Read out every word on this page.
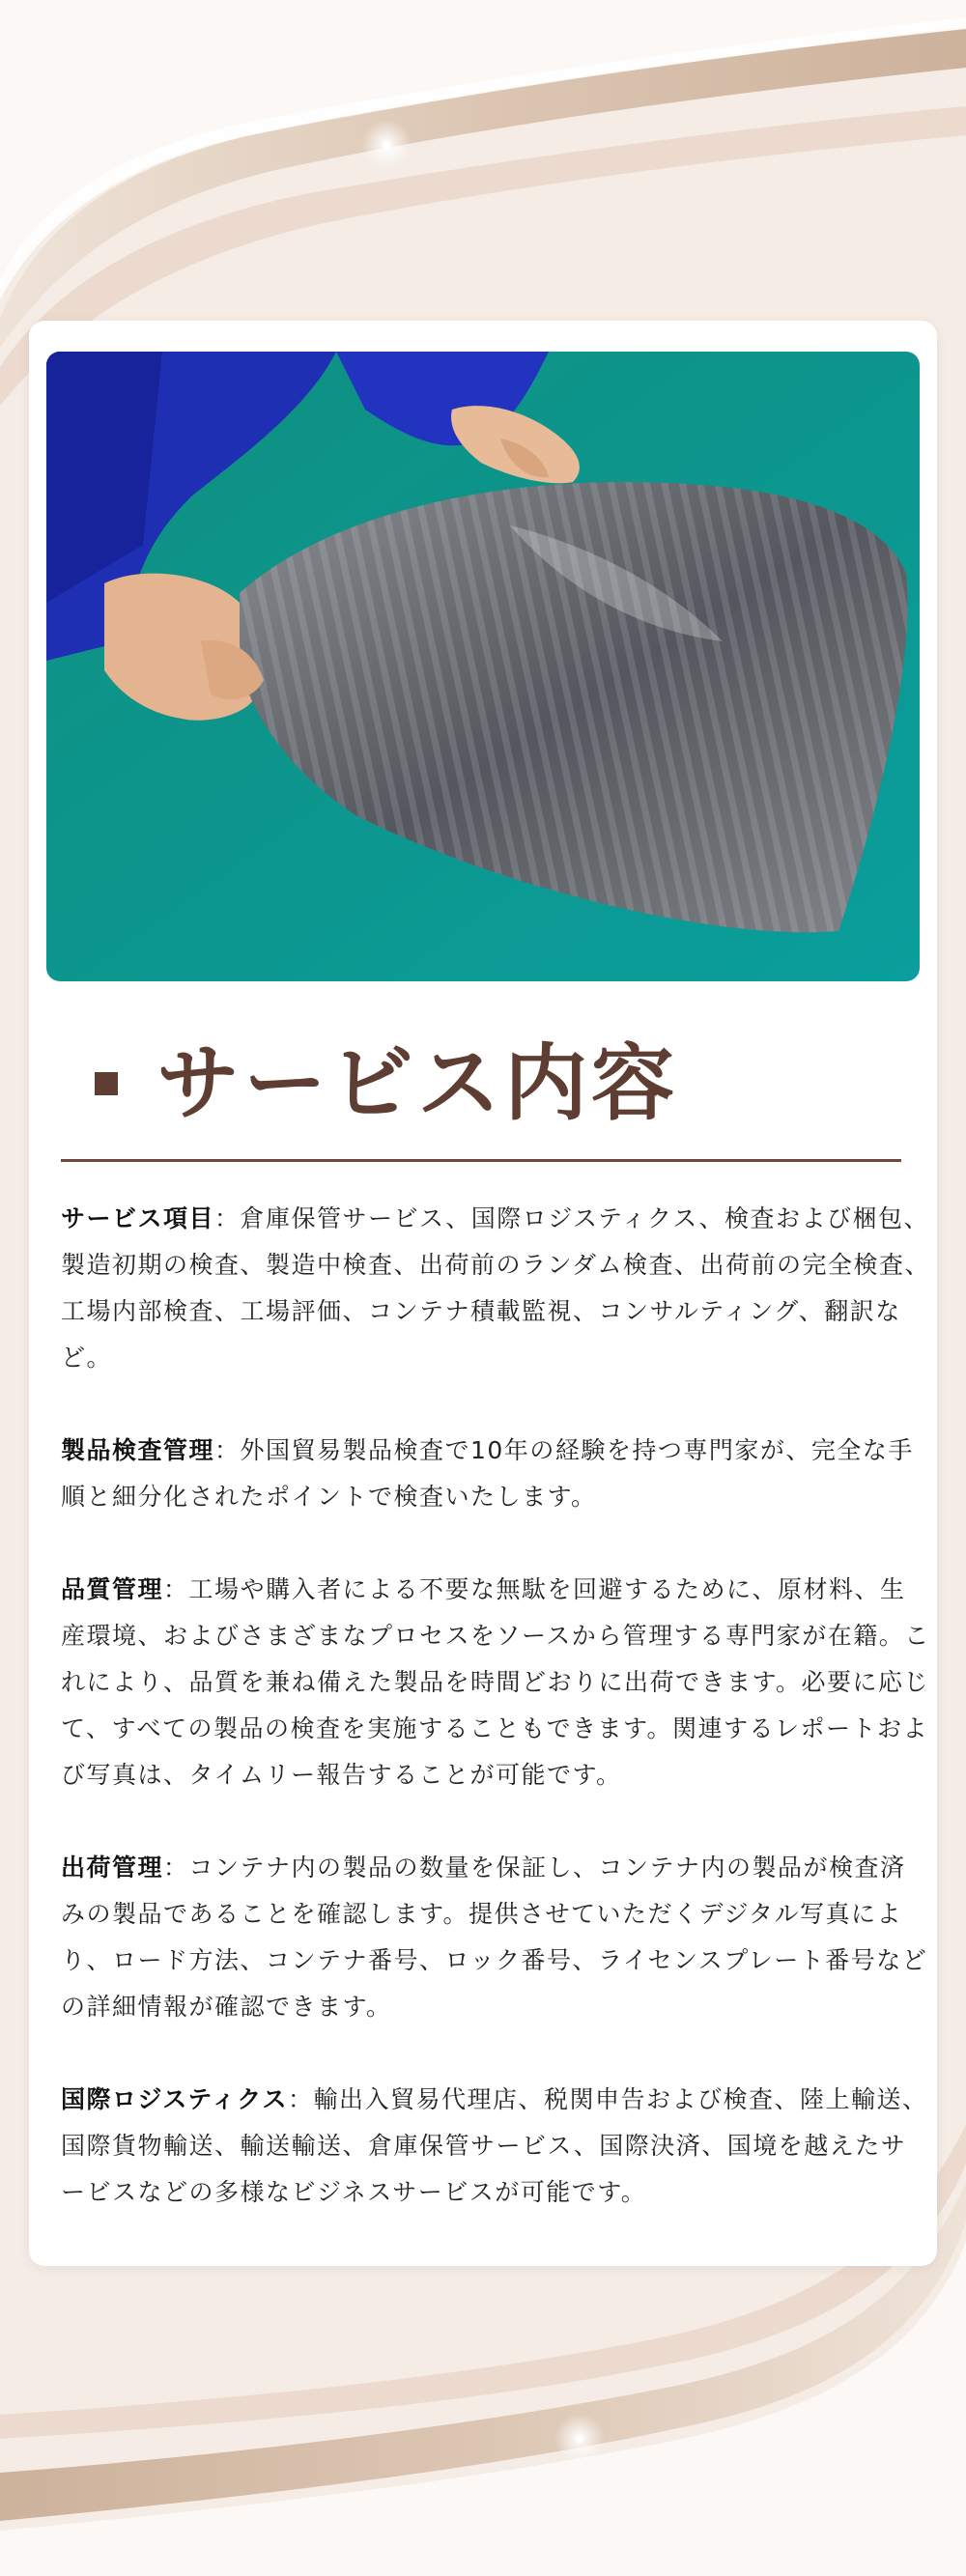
サービス内容

サービス項目：倉庫保管サービス、国際ロジスティクス、検査および梱包、製造初期の検査、製造中検査、出荷前のランダム検査、出荷前の完全検査、工場内部検査、工場評価、コンテナ積載監視、コンサルティング、翻訳など。

製品検査管理：外国貿易製品検査で10年の経験を持つ専門家が、完全な手順と細分化されたポイントで検査いたします。

品質管理：工場や購入者による不要な無駄を回避するために、原材料、生産環境、およびさまざまなプロセスをソースから管理する専門家が在籍。これにより、品質を兼ね備えた製品を時間どおりに出荷できます。必要に応じて、すべての製品の検査を実施することもできます。関連するレポートおよび写真は、タイムリー報告することが可能です。

出荷管理：コンテナ内の製品の数量を保証し、コンテナ内の製品が検査済みの製品であることを確認します。提供させていただくデジタル写真により、ロード方法、コンテナ番号、ロック番号、ライセンスプレート番号などの詳細情報が確認できます。

国際ロジスティクス：輸出入貿易代理店、税関申告および検査、陸上輸送、国際貨物輸送、輸送輸送、倉庫保管サービス、国際決済、国境を越えたサービスなどの多様なビジネスサービスが可能です。
